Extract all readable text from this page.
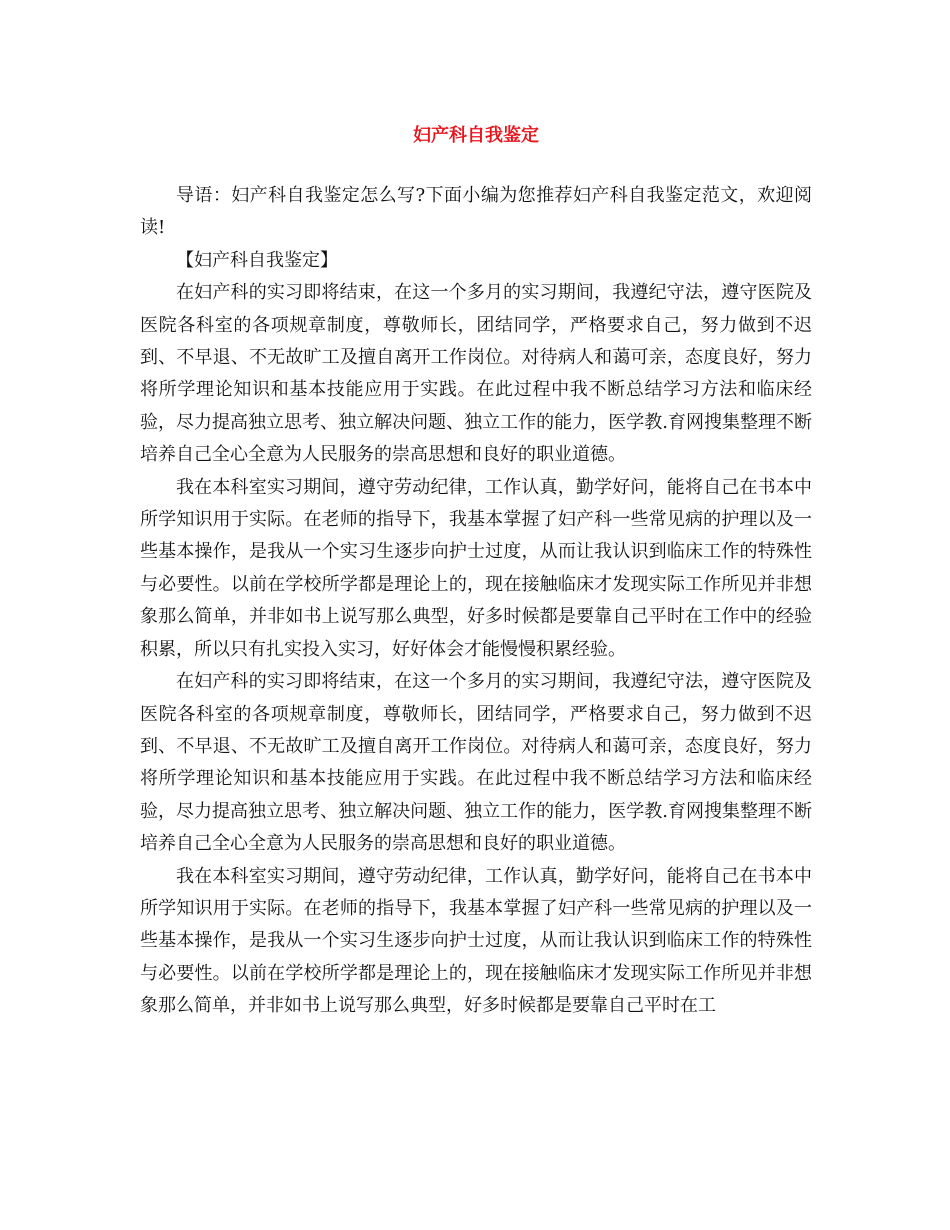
妇产科自我鉴定

导语：妇产科自我鉴定怎么写?下面小编为您推荐妇产科自我鉴定范文，欢迎阅读!

【妇产科自我鉴定】

在妇产科的实习即将结束，在这一个多月的实习期间，我遵纪守法，遵守医院及医院各科室的各项规章制度，尊敬师长，团结同学，严格要求自己，努力做到不迟到、不早退、不无故旷工及擅自离开工作岗位。对待病人和蔼可亲，态度良好，努力将所学理论知识和基本技能应用于实践。在此过程中我不断总结学习方法和临床经验，尽力提高独立思考、独立解决问题、独立工作的能力，医学教.育网搜集整理不断培养自己全心全意为人民服务的崇高思想和良好的职业道德。

我在本科室实习期间，遵守劳动纪律，工作认真，勤学好问，能将自己在书本中所学知识用于实际。在老师的指导下，我基本掌握了妇产科一些常见病的护理以及一些基本操作，是我从一个实习生逐步向护士过度，从而让我认识到临床工作的特殊性与必要性。以前在学校所学都是理论上的，现在接触临床才发现实际工作所见并非想象那么简单，并非如书上说写那么典型，好多时候都是要靠自己平时在工作中的经验积累，所以只有扎实投入实习，好好体会才能慢慢积累经验。

在妇产科的实习即将结束，在这一个多月的实习期间，我遵纪守法，遵守医院及医院各科室的各项规章制度，尊敬师长，团结同学，严格要求自己，努力做到不迟到、不早退、不无故旷工及擅自离开工作岗位。对待病人和蔼可亲，态度良好，努力将所学理论知识和基本技能应用于实践。在此过程中我不断总结学习方法和临床经验，尽力提高独立思考、独立解决问题、独立工作的能力，医学教.育网搜集整理不断培养自己全心全意为人民服务的崇高思想和良好的职业道德。

我在本科室实习期间，遵守劳动纪律，工作认真，勤学好问，能将自己在书本中所学知识用于实际。在老师的指导下，我基本掌握了妇产科一些常见病的护理以及一些基本操作，是我从一个实习生逐步向护士过度，从而让我认识到临床工作的特殊性与必要性。以前在学校所学都是理论上的，现在接触临床才发现实际工作所见并非想象那么简单，并非如书上说写那么典型，好多时候都是要靠自己平时在工
